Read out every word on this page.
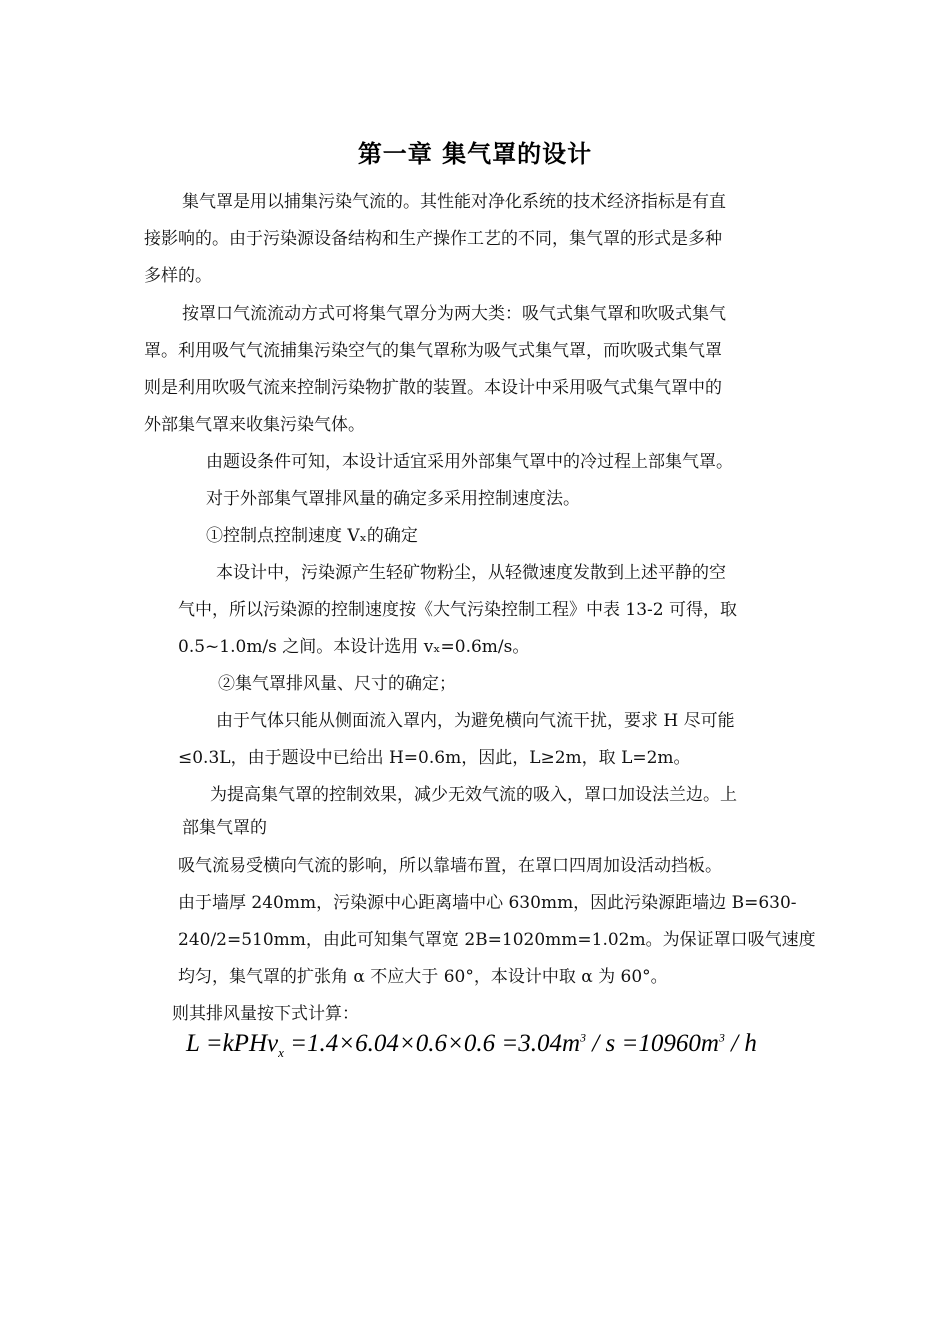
第一章 集气罩的设计
集气罩是用以捕集污染气流的。其性能对净化系统的技术经济指标是有直
接影响的。由于污染源设备结构和生产操作工艺的不同，集气罩的形式是多种
多样的。
按罩口气流流动方式可将集气罩分为两大类：吸气式集气罩和吹吸式集气
罩。利用吸气气流捕集污染空气的集气罩称为吸气式集气罩，而吹吸式集气罩
则是利用吹吸气流来控制污染物扩散的装置。本设计中采用吸气式集气罩中的
外部集气罩来收集污染气体。
由题设条件可知，本设计适宜采用外部集气罩中的冷过程上部集气罩。
对于外部集气罩排风量的确定多采用控制速度法。
①控制点控制速度 Vₓ的确定
本设计中，污染源产生轻矿物粉尘，从轻微速度发散到上述平静的空
气中，所以污染源的控制速度按《大气污染控制工程》中表 13-2 可得，取
0.5~1.0m/s 之间。本设计选用 vₓ=0.6m/s。
②集气罩排风量、尺寸的确定；
由于气体只能从侧面流入罩内，为避免横向气流干扰，要求 H 尽可能
≤0.3L，由于题设中已给出 H=0.6m，因此，L≥2m，取 L=2m。
为提高集气罩的控制效果，减少无效气流的吸入，罩口加设法兰边。上
部集气罩的
吸气流易受横向气流的影响，所以靠墙布置，在罩口四周加设活动挡板。
由于墙厚 240mm，污染源中心距离墙中心 630mm，因此污染源距墙边 B=630-
240/2=510mm，由此可知集气罩宽 2B=1020mm=1.02m。为保证罩口吸气速度
均匀，集气罩的扩张角 α 不应大于 60°，本设计中取 α 为 60°。
则其排风量按下式计算：
L =kPHv$_x$ $=1.4\times 6.04\times 0.6\times 0.6 =3.04m^3 / s =10960m^3 / h$
